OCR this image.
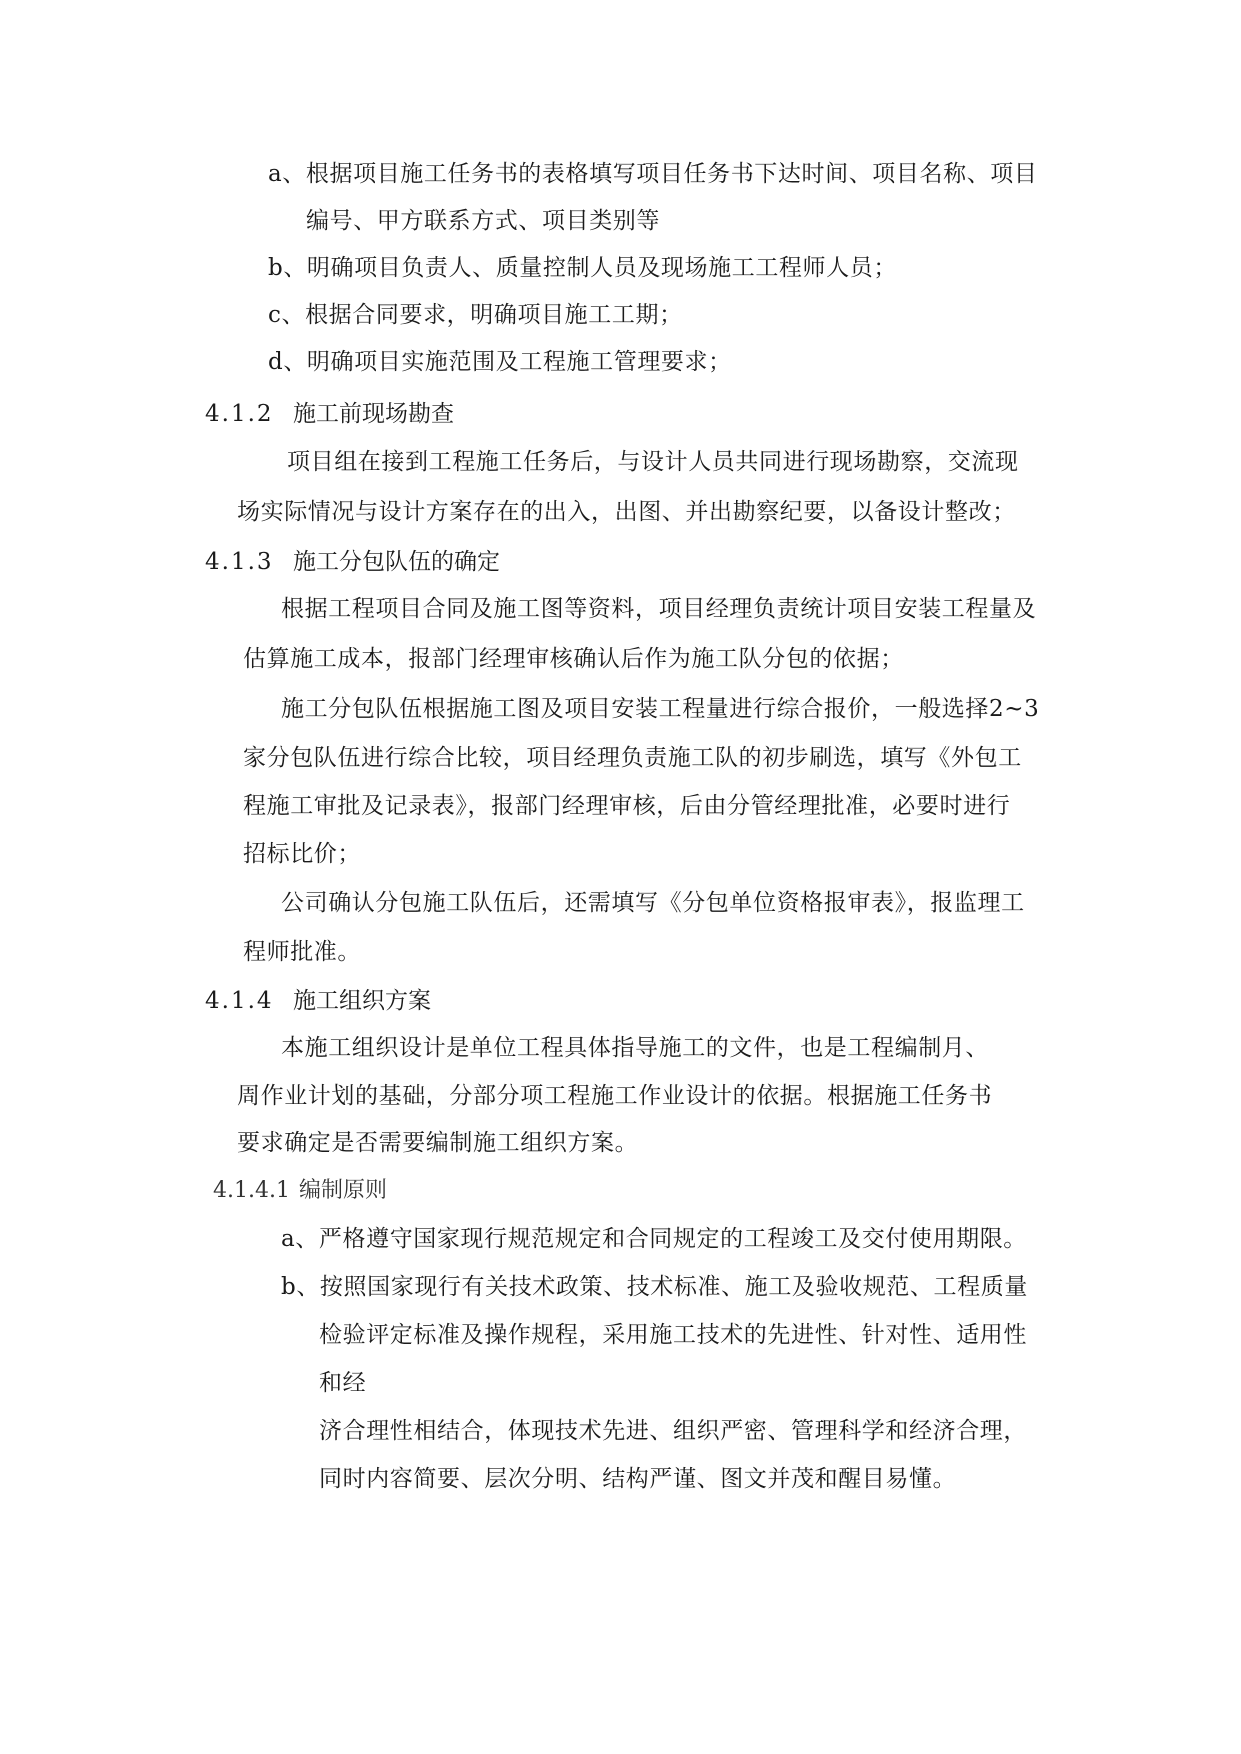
a、根据项目施工任务书的表格填写项目任务书下达时间、项目名称、项目
编号、甲方联系方式、项目类别等
b、明确项目负责人、质量控制人员及现场施工工程师人员；
c、根据合同要求，明确项目施工工期；
d、明确项目实施范围及工程施工管理要求；
4.1.2 施工前现场勘查
项目组在接到工程施工任务后，与设计人员共同进行现场勘察，交流现
场实际情况与设计方案存在的出入，出图、并出勘察纪要，以备设计整改；
4.1.3 施工分包队伍的确定
根据工程项目合同及施工图等资料，项目经理负责统计项目安装工程量及
估算施工成本，报部门经理审核确认后作为施工队分包的依据；
施工分包队伍根据施工图及项目安装工程量进行综合报价，一般选择2~3
家分包队伍进行综合比较，项目经理负责施工队的初步刷选，填写《外包工
程施工审批及记录表》，报部门经理审核，后由分管经理批准，必要时进行
招标比价；
公司确认分包施工队伍后，还需填写《分包单位资格报审表》，报监理工
程师批准。
4.1.4 施工组织方案
本施工组织设计是单位工程具体指导施工的文件，也是工程编制月、
周作业计划的基础，分部分项工程施工作业设计的依据。根据施工任务书
要求确定是否需要编制施工组织方案。
4.1.4.1 编制原则
a、严格遵守国家现行规范规定和合同规定的工程竣工及交付使用期限。
b、按照国家现行有关技术政策、技术标准、施工及验收规范、工程质量
检验评定标准及操作规程，采用施工技术的先进性、针对性、适用性
和经
济合理性相结合，体现技术先进、组织严密、管理科学和经济合理，
同时内容简要、层次分明、结构严谨、图文并茂和醒目易懂。
